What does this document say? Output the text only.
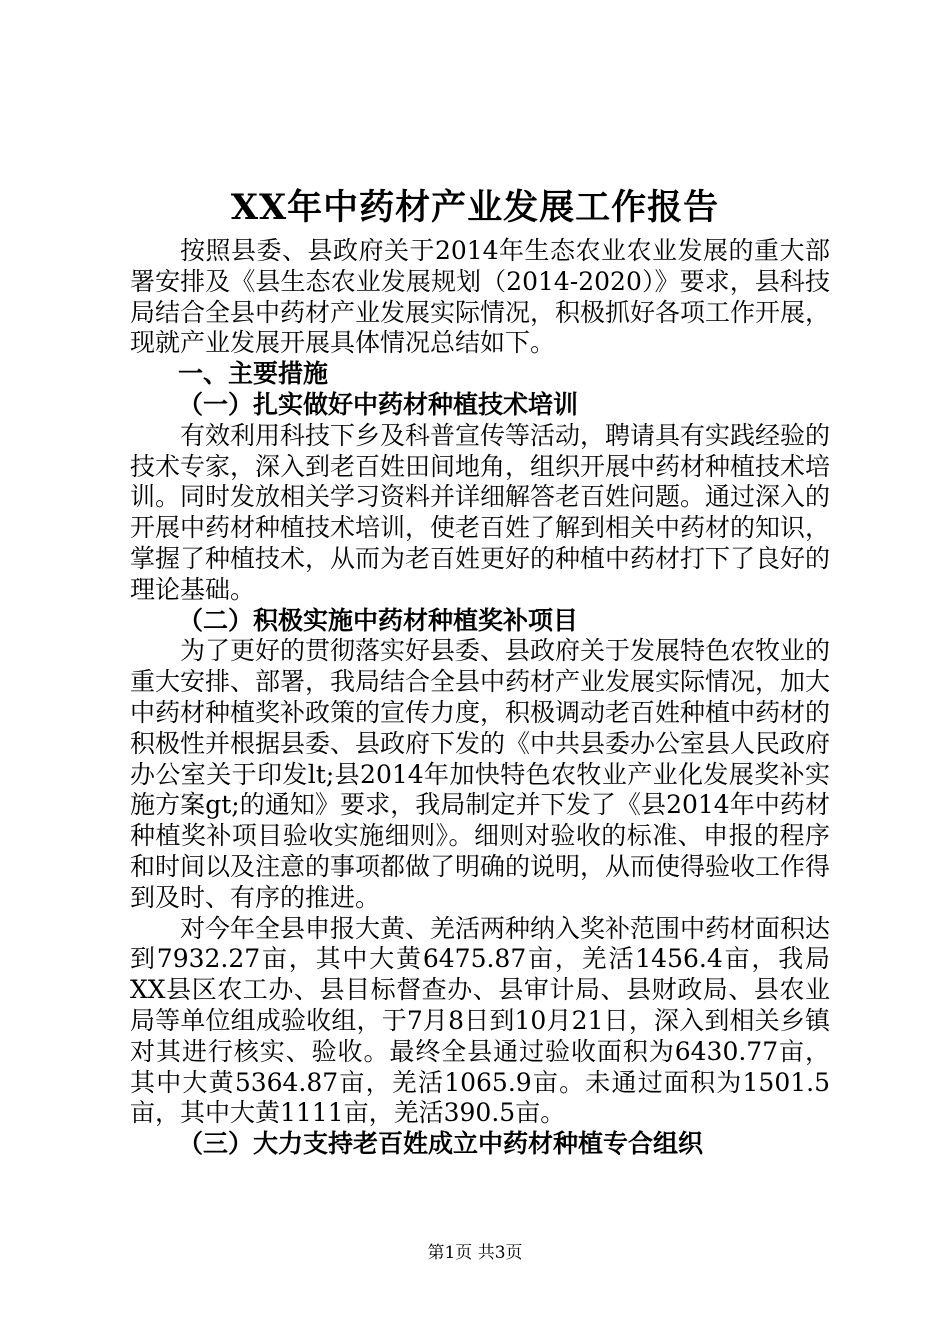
XX年中药材产业发展工作报告

按照县委、县政府关于2014年生态农业农业发展的重大部署安排及《县生态农业发展规划（2014-2020）》要求，县科技局结合全县中药材产业发展实际情况，积极抓好各项工作开展，现就产业发展开展具体情况总结如下。

一、主要措施

（一）扎实做好中药材种植技术培训

有效利用科技下乡及科普宣传等活动，聘请具有实践经验的技术专家，深入到老百姓田间地角，组织开展中药材种植技术培训。同时发放相关学习资料并详细解答老百姓问题。通过深入的开展中药材种植技术培训，使老百姓了解到相关中药材的知识，掌握了种植技术，从而为老百姓更好的种植中药材打下了良好的理论基础。

（二）积极实施中药材种植奖补项目

为了更好的贯彻落实好县委、县政府关于发展特色农牧业的重大安排、部署，我局结合全县中药材产业发展实际情况，加大中药材种植奖补政策的宣传力度，积极调动老百姓种植中药材的积极性并根据县委、县政府下发的《中共县委办公室县人民政府办公室关于印发lt;县2014年加快特色农牧业产业化发展奖补实施方案gt;的通知》要求，我局制定并下发了《县2014年中药材种植奖补项目验收实施细则》。细则对验收的标准、申报的程序和时间以及注意的事项都做了明确的说明，从而使得验收工作得到及时、有序的推进。

对今年全县申报大黄、羌活两种纳入奖补范围中药材面积达到7932.27亩，其中大黄6475.87亩，羌活1456.4亩，我局XX县区农工办、县目标督查办、县审计局、县财政局、县农业局等单位组成验收组，于7月8日到10月21日，深入到相关乡镇对其进行核实、验收。最终全县通过验收面积为6430.77亩，其中大黄5364.87亩，羌活1065.9亩。未通过面积为1501.5亩，其中大黄1111亩，羌活390.5亩。

（三）大力支持老百姓成立中药材种植专合组织

第1页 共3页
